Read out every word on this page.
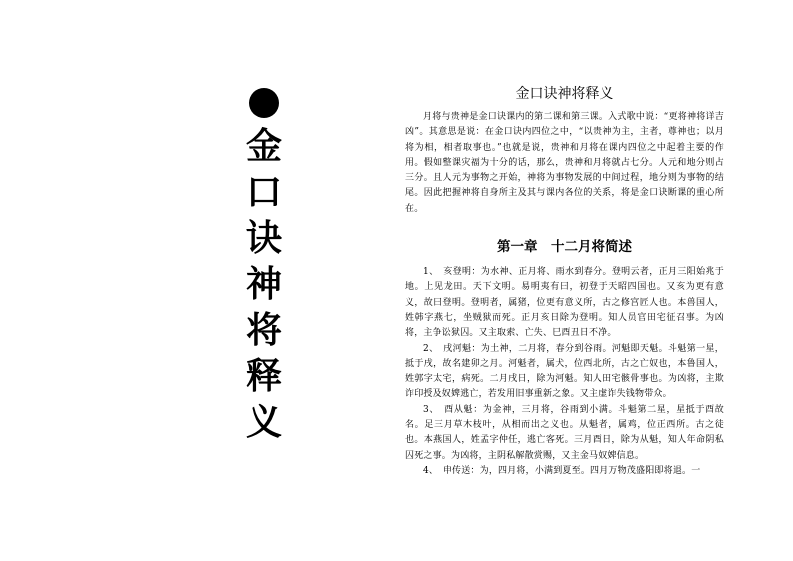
金
口
诀
神
将
释
义
金口诀神将释义

月将与贵神是金口诀课内的第二课和第三课。入式歌中说：“更将神将详吉凶”。其意思是说：在金口诀内四位之中，“以贵神为主，主者，尊神也；以月将为相，相者取事也。”也就是说，贵神和月将在课内四位之中起着主要的作用。假如整课灾福为十分的话，那么，贵神和月将就占七分。人元和地分则占三分。且人元为事物之开始，神将为事物发展的中间过程，地分则为事物的结尾。因此把握神将自身所主及其与课内各位的关系，将是金口诀断课的重心所在。

第一章　十二月将简述

1、　亥登明：为水神、正月将、雨水到春分。登明云者，正月三阳始兆于地。上见龙田。天下文明。易明夷有曰，初登于天昭四国也。又亥为更有意义，故曰登明。登明者，属猪，位更有意义所，古之修宫匠人也。本兽国人，姓韩字燕七，坐贼狱而死。正月亥日除为登明。知人员官田宅征召事。为凶将，主争讼狱囚。又主取索、亡失、巳酉丑日不净。

2、　戌河魁：为土神，二月将，春分到谷雨。河魁即天魁。斗魁第一星，抵于戌，故名建卯之月。河魁者，属犬，位西北所，古之亡奴也，本鲁国人，姓郭字太宅，病死。二月戌日，除为河魁。知人田宅骸骨事也。为凶将，主欺诈印授及奴婢逃亡，若发用旧事重新之象。又主虚诈失钱物带众。

3、　酉从魁：为金神，三月将，谷雨到小满。斗魁第二星，星抵于酉故名。足三月草木枝叶，从相而出之义也。从魁者，属鸡，位正西所。古之徒也。本燕国人，姓孟字仲任，逃亡客死。三月酉日，除为从魁，知人年命阴私囚死之事。为凶将，主阴私解散赏赐，又主金马奴婢信息。

4、　申传送：为，四月将，小满到夏至。四月万物茂盛阳即将退。一
